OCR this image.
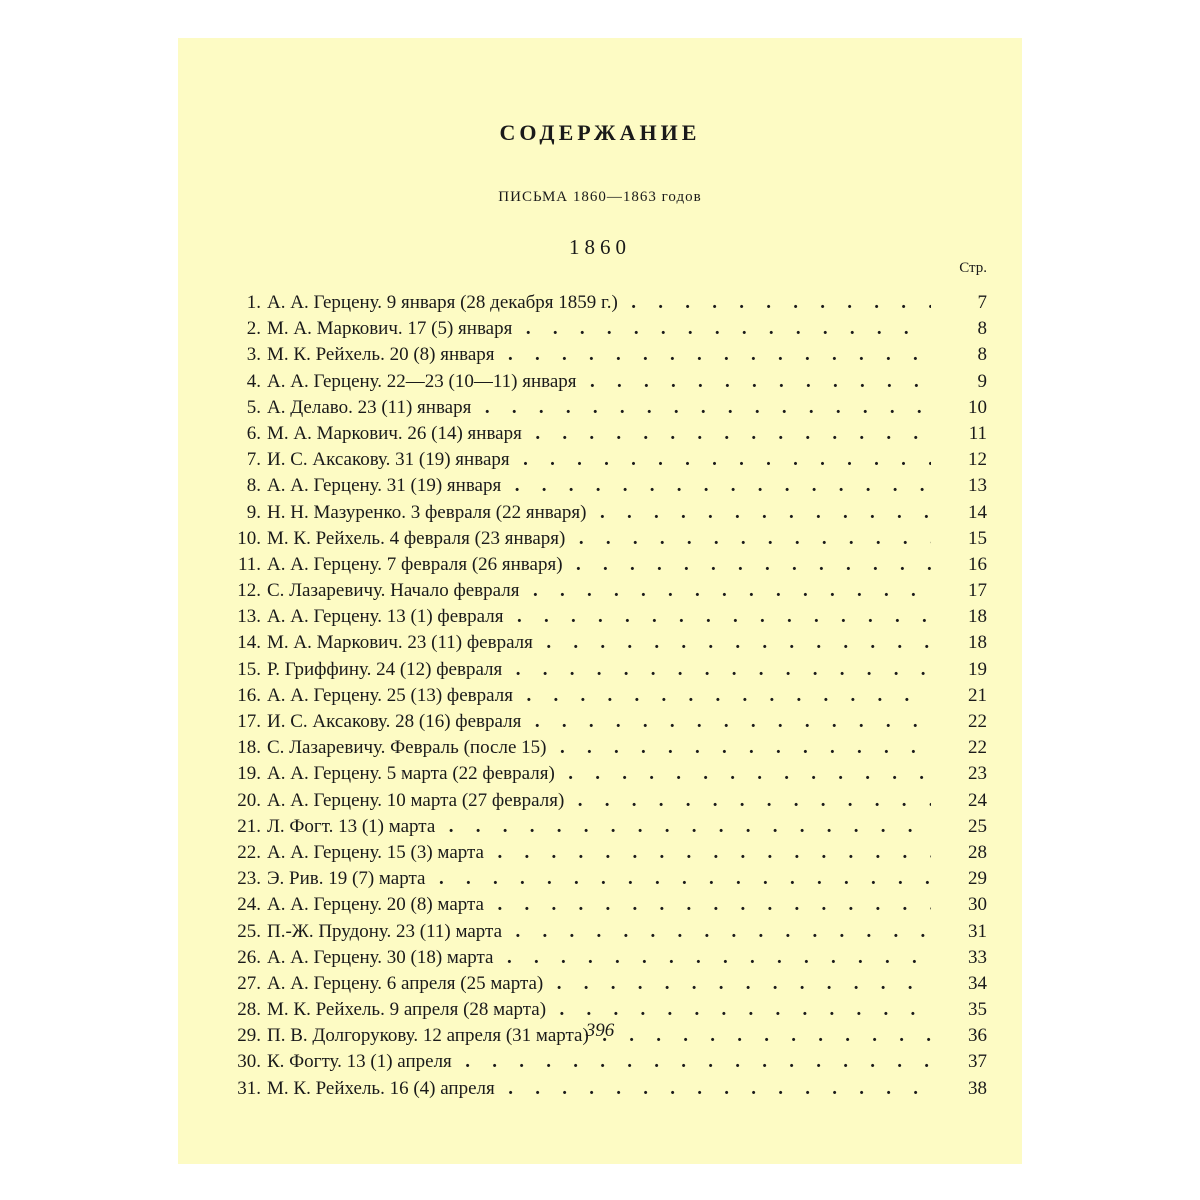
СОДЕРЖАНИЕ
ПИСЬМА 1860—1863 годов
1860
Стр.
1. А. А. Герцену. 9 января (28 декабря 1859 г.) . .	7
2. М. А. Маркович. 17 (5) января . .	8
3. М. К. Рейхель. 20 (8) января . .	8
4. А. А. Герцену. 22—23 (10—11) января . .	9
5. А. Делаво. 23 (11) января . .	10
6. М. А. Маркович. 26 (14) января . .	11
7. И. С. Аксакову. 31 (19) января . .	12
8. А. А. Герцену. 31 (19) января . .	13
9. Н. Н. Мазуренко. 3 февраля (22 января) . .	14
10. М. К. Рейхель. 4 февраля (23 января) . .	15
11. А. А. Герцену. 7 февраля (26 января) . .	16
12. С. Лазаревичу. Начало февраля . .	17
13. А. А. Герцену. 13 (1) февраля . .	18
14. М. А. Маркович. 23 (11) февраля . .	18
15. Р. Гриффину. 24 (12) февраля . .	19
16. А. А. Герцену. 25 (13) февраля . .	21
17. И. С. Аксакову. 28 (16) февраля . .	22
18. С. Лазаревичу. Февраль (после 15) . .	22
19. А. А. Герцену. 5 марта (22 февраля) . .	23
20. А. А. Герцену. 10 марта (27 февраля) . .	24
21. Л. Фогт. 13 (1) марта . .	25
22. А. А. Герцену. 15 (3) марта . .	28
23. Э. Рив. 19 (7) марта . .	29
24. А. А. Герцену. 20 (8) марта . .	30
25. П.-Ж. Прудону. 23 (11) марта . .	31
26. А. А. Герцену. 30 (18) марта . .	33
27. А. А. Герцену. 6 апреля (25 марта) . .	34
28. М. К. Рейхель. 9 апреля (28 марта) . .	35
29. П. В. Долгорукову. 12 апреля (31 марта) . .	36
30. К. Фогту. 13 (1) апреля . .	37
31. М. К. Рейхель. 16 (4) апреля . .	38
396
